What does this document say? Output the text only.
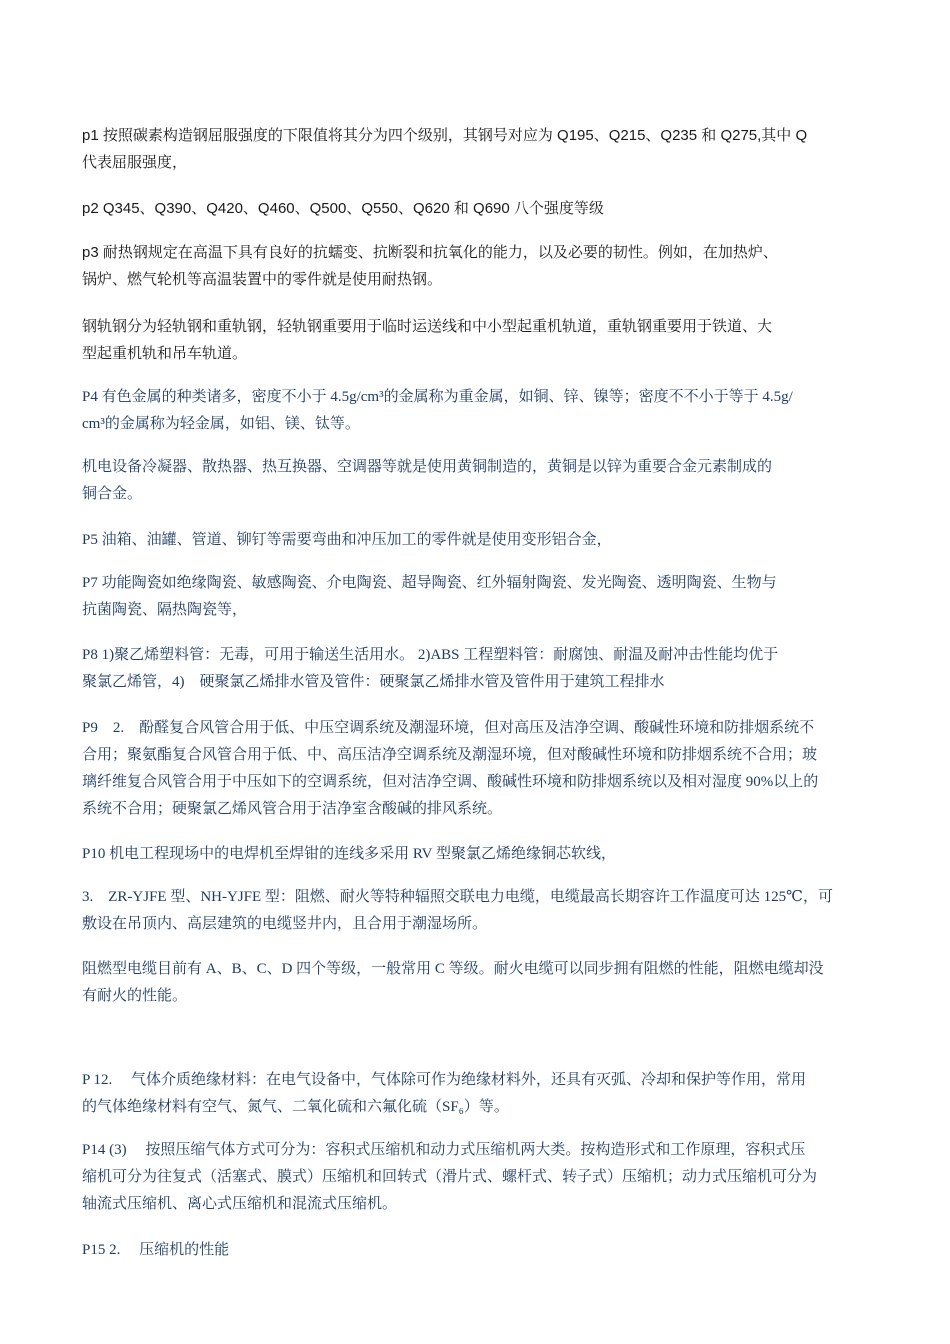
p1 按照碳素构造钢屈服强度的下限值将其分为四个级别，其钢号对应为 Q195、Q215、Q235 和 Q275,其中 Q
代表屈服强度，

p2 Q345、Q390、Q420、Q460、Q500、Q550、Q620 和 Q690 八个强度等级

p3 耐热钢规定在高温下具有良好的抗蠕变、抗断裂和抗氧化的能力，以及必要的韧性。例如，在加热炉、
锅炉、燃气轮机等高温装置中的零件就是使用耐热钢。

钢轨钢分为轻轨钢和重轨钢，轻轨钢重要用于临时运送线和中小型起重机轨道，重轨钢重要用于铁道、大
型起重机轨和吊车轨道。

P4 有色金属的种类诸多，密度不小于 4.5g/cm³的金属称为重金属，如铜、锌、镍等；密度不不小于等于 4.5g/
cm³的金属称为轻金属，如铝、镁、钛等。

机电设备冷凝器、散热器、热互换器、空调器等就是使用黄铜制造的，黄铜是以锌为重要合金元素制成的
铜合金。

P5 油箱、油罐、管道、铆钉等需要弯曲和冲压加工的零件就是使用变形铝合金，

P7 功能陶瓷如绝缘陶瓷、敏感陶瓷、介电陶瓷、超导陶瓷、红外辐射陶瓷、发光陶瓷、透明陶瓷、生物与
抗菌陶瓷、隔热陶瓷等，

P8 1)聚乙烯塑料管：无毒，可用于输送生活用水。 2)ABS 工程塑料管：耐腐蚀、耐温及耐冲击性能均优于
聚氯乙烯管，4)　硬聚氯乙烯排水管及管件：硬聚氯乙烯排水管及管件用于建筑工程排水

P9　2.　酚醛复合风管合用于低、中压空调系统及潮湿环境，但对高压及洁净空调、酸碱性环境和防排烟系统不
合用；聚氨酯复合风管合用于低、中、高压洁净空调系统及潮湿环境，但对酸碱性环境和防排烟系统不合用；玻
璃纤维复合风管合用于中压如下的空调系统，但对洁净空调、酸碱性环境和防排烟系统以及相对湿度 90%以上的
系统不合用；硬聚氯乙烯风管合用于洁净室含酸碱的排风系统。

P10 机电工程现场中的电焊机至焊钳的连线多采用 RV 型聚氯乙烯绝缘铜芯软线，

3.　ZR-YJFE 型、NH-YJFE 型：阻燃、耐火等特种辐照交联电力电缆，电缆最高长期容许工作温度可达 125℃，可
敷设在吊顶内、高层建筑的电缆竖井内，且合用于潮湿场所。

阻燃型电缆目前有 A、B、C、D 四个等级，一般常用 C 等级。耐火电缆可以同步拥有阻燃的性能，阻燃电缆却没
有耐火的性能。

P 12.　 气体介质绝缘材料：在电气设备中，气体除可作为绝缘材料外，还具有灭弧、冷却和保护等作用，常用
的气体绝缘材料有空气、氮气、二氧化硫和六氟化硫（SF₆）等。

P14 (3)　 按照压缩气体方式可分为：容积式压缩机和动力式压缩机两大类。按构造形式和工作原理，容积式压
缩机可分为往复式（活塞式、膜式）压缩机和回转式（滑片式、螺杆式、转子式）压缩机；动力式压缩机可分为
轴流式压缩机、离心式压缩机和混流式压缩机。

P15 2.　 压缩机的性能
